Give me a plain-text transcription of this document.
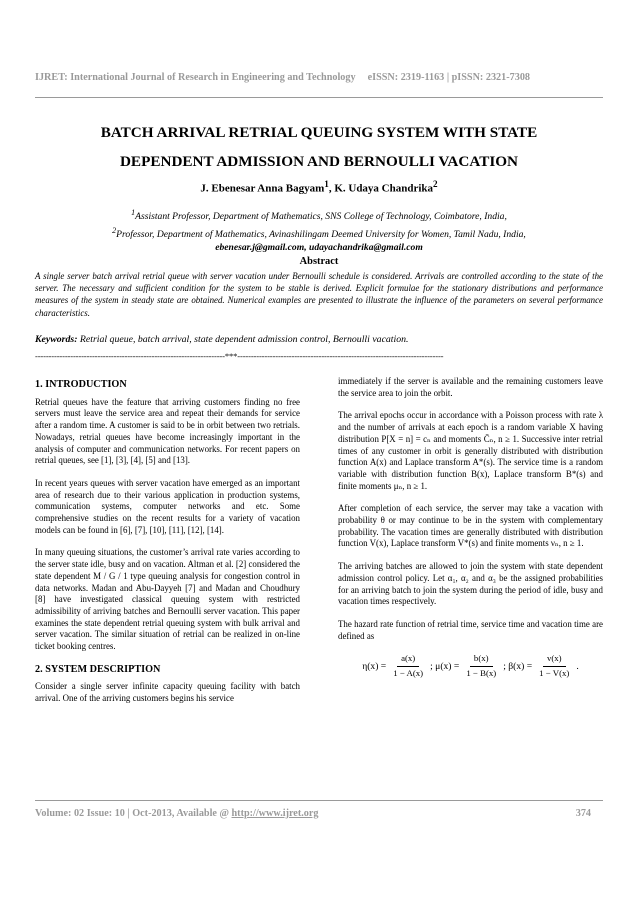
IJRET: International Journal of Research in Engineering and Technology eISSN: 2319-1163 | pISSN: 2321-7308
BATCH ARRIVAL RETRIAL QUEUING SYSTEM WITH STATE
DEPENDENT ADMISSION AND BERNOULLI VACATION
J. Ebenesar Anna Bagyam$^1$, K. Udaya Chandrika$^2$
$^1$Assistant Professor, Department of Mathematics, SNS College of Technology, Coimbatore, India,
$^2$Professor, Department of Mathematics, Avinashilingam Deemed University for Women, Tamil Nadu, India,
ebenesar.j@gmail.com, udayachandrika@gmail.com
Abstract
A single server batch arrival retrial queue with server vacation under Bernoulli schedule is considered. Arrivals are controlled according to the state of the server. The necessary and sufficient condition for the system to be stable is derived. Explicit formulae for the stationary distributions and performance measures of the system in steady state are obtained. Numerical examples are presented to illustrate the influence of the parameters on several performance characteristics.
Keywords: Retrial queue, batch arrival, state dependent admission control, Bernoulli vacation.
----------------------------------------------------------------------***----------------------------------------------------------------------------
1. INTRODUCTION

Retrial queues have the feature that arriving customers finding no free servers must leave the service area and repeat their demands for service after a random time. A customer is said to be in orbit between two retrials. Nowadays, retrial queues have become increasingly important in the analysis of computer and communication networks. For recent papers on retrial queues, see [1], [3], [4], [5] and [13].

In recent years queues with server vacation have emerged as an important area of research due to their various application in production systems, communication systems, computer networks and etc. Some comprehensive studies on the recent results for a variety of vacation models can be found in [6], [7], [10], [11], [12], [14].

In many queuing situations, the customer’s arrival rate varies according to the server state idle, busy and on vacation. Altman et al. [2] considered the state dependent M / G / 1 type queuing analysis for congestion control in data networks. Madan and Abu-Dayyeh [7] and Madan and Choudhury [8] have investigated classical queuing system with restricted admissibility of arriving batches and Bernoulli server vacation. This paper examines the state dependent retrial queuing system with bulk arrival and server vacation. The similar situation of retrial can be realized in on-line ticket booking centres.

2. SYSTEM DESCRIPTION

Consider a single server infinite capacity queuing facility with batch arrival. One of the arriving customers begins his service

immediately if the server is available and the remaining customers leave the service area to join the orbit.

The arrival epochs occur in accordance with a Poisson process with rate λ and the number of arrivals at each epoch is a random variable X having distribution P[X = n] = cₙ and moments C̄ₙ, n ≥ 1. Successive inter retrial times of any customer in orbit is generally distributed with distribution function A(x) and Laplace transform A*(s). The service time is a random variable with distribution function B(x), Laplace transform B*(s) and finite moments μₙ, n ≥ 1.

After completion of each service, the server may take a vacation with probability θ or may continue to be in the system with complementary probability. The vacation times are generally distributed with distribution function V(x), Laplace transform V*(s) and finite moments νₙ, n ≥ 1.

The arriving batches are allowed to join the system with state dependent admission control policy. Let α₁, α₂ and α₃ be the assigned probabilities for an arriving batch to join the system during the period of idle, busy and vacation times respectively.

The hazard rate function of retrial time, service time and vacation time are defined as

$\eta(x) = \frac{a(x)}{1 - A(x)}$ ; $\mu(x) = \frac{b(x)}{1 - B(x)}$ ; $\beta(x) = \frac{v(x)}{1 - V(x)}$ .
Volume: 02 Issue: 10 | Oct-2013, Available @ http://www.ijret.org	374
